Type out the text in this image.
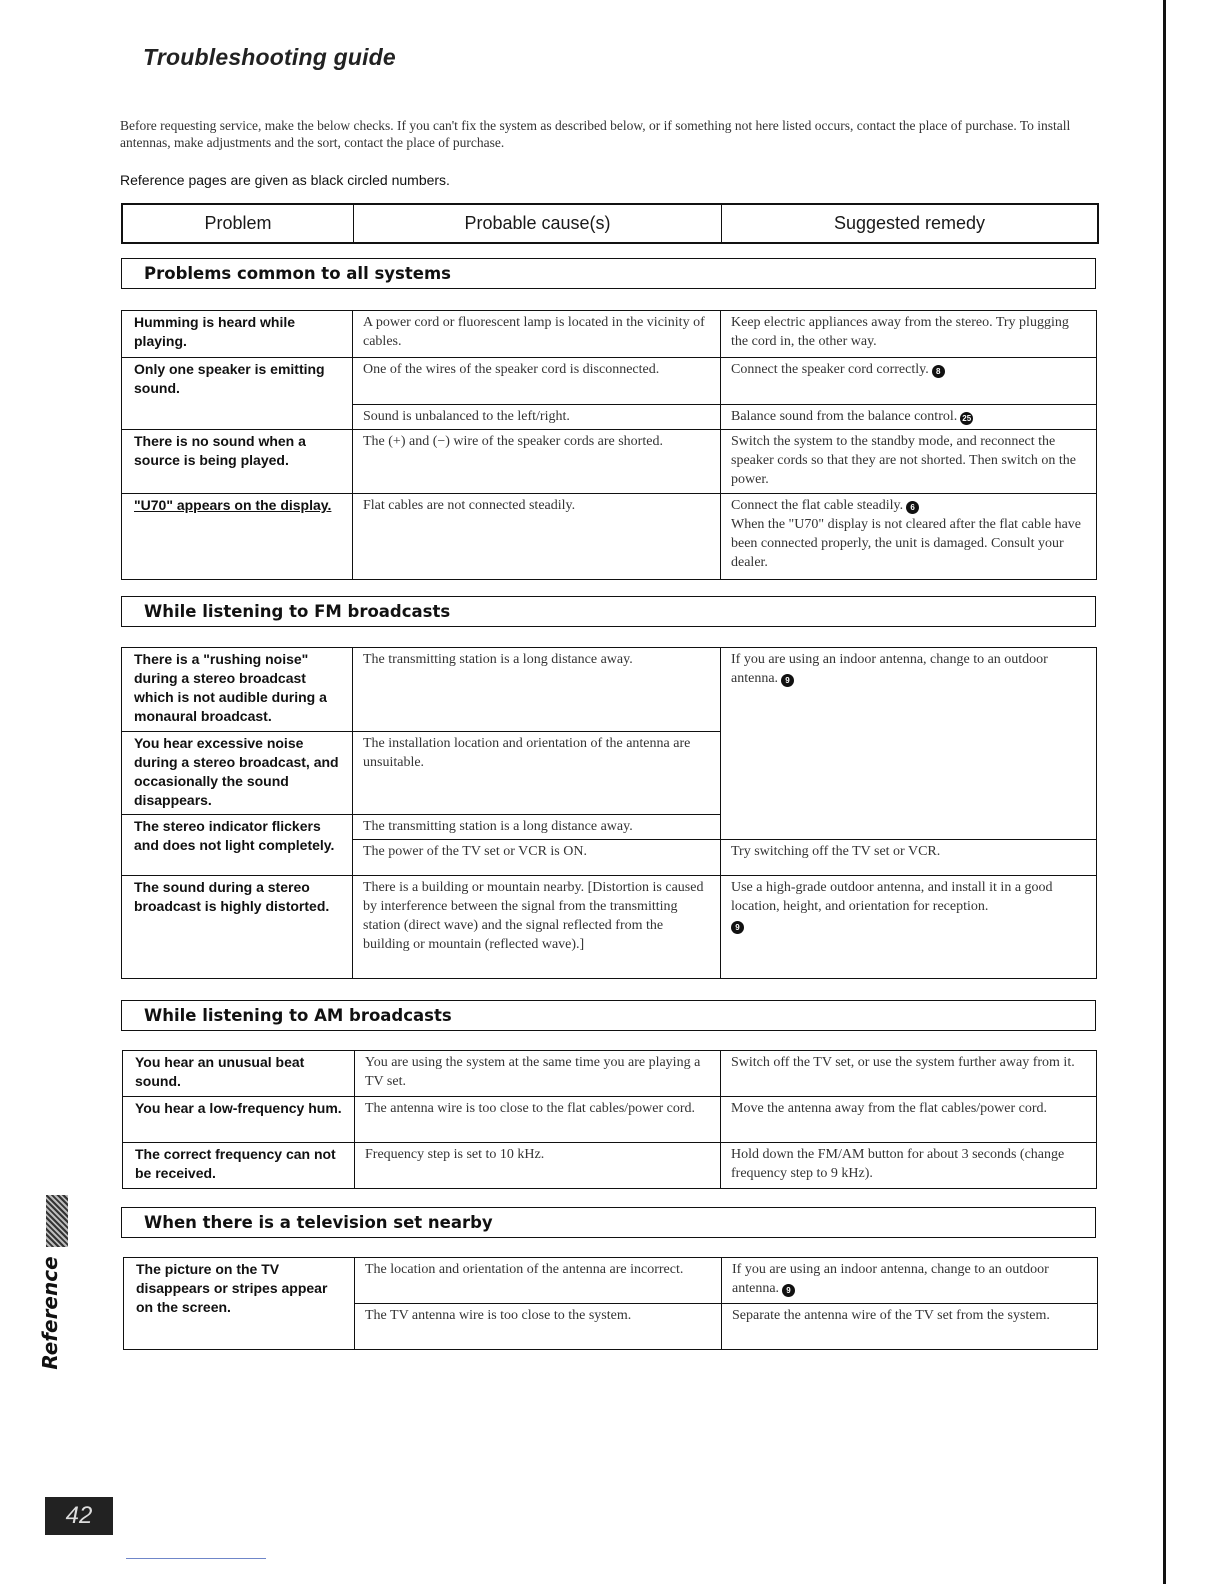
Troubleshooting guide
Before requesting service, make the below checks. If you can't fix the system as described below, or if something not here listed occurs, contact the place of purchase. To install antennas, make adjustments and the sort, contact the place of purchase.
Reference pages are given as black circled numbers.
Problem	Probable cause(s)	Suggested remedy
Problems common to all systems
Humming is heard while playing.	A power cord or fluorescent lamp is located in the vicinity of cables.	Keep electric appliances away from the stereo. Try plugging the cord in, the other way.
Only one speaker is emitting sound.	One of the wires of the speaker cord is disconnected.	Connect the speaker cord correctly. 8
	Sound is unbalanced to the left/right.	Balance sound from the balance control. 25
There is no sound when a source is being played.	The (+) and (−) wire of the speaker cords are shorted.	Switch the system to the standby mode, and reconnect the speaker cords so that they are not shorted. Then switch on the power.
"U70" appears on the display.	Flat cables are not connected steadily.	Connect the flat cable steadily. 6
When the "U70" display is not cleared after the flat cable have been connected properly, the unit is damaged. Consult your dealer.
While listening to FM broadcasts
There is a "rushing noise" during a stereo broadcast which is not audible during a monaural broadcast.	The transmitting station is a long distance away.	If you are using an indoor antenna, change to an outdoor antenna. 9
You hear excessive noise during a stereo broadcast, and occasionally the sound disappears.	The installation location and orientation of the antenna are unsuitable.	
The stereo indicator flickers and does not light completely.	The transmitting station is a long distance away.	
	The power of the TV set or VCR is ON.	Try switching off the TV set or VCR.
The sound during a stereo broadcast is highly distorted.	There is a building or mountain nearby. [Distortion is caused by interference between the signal from the transmitting station (direct wave) and the signal reflected from the building or mountain (reflected wave).]	Use a high-grade outdoor antenna, and install it in a good location, height, and orientation for reception.
9
While listening to AM broadcasts
You hear an unusual beat sound.	You are using the system at the same time you are playing a TV set.	Switch off the TV set, or use the system further away from it.
You hear a low-frequency hum.	The antenna wire is too close to the flat cables/power cord.	Move the antenna away from the flat cables/power cord.
The correct frequency can not be received.	Frequency step is set to 10 kHz.	Hold down the FM/AM button for about 3 seconds (change frequency step to 9 kHz).
When there is a television set nearby
The picture on the TV disappears or stripes appear on the screen.	The location and orientation of the antenna are incorrect.	If you are using an indoor antenna, change to an outdoor antenna. 9
	The TV antenna wire is too close to the system.	Separate the antenna wire of the TV set from the system.
Reference
42
